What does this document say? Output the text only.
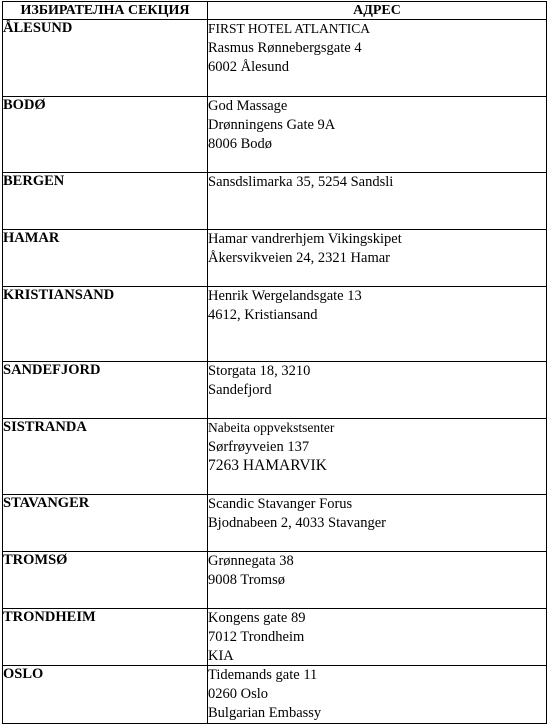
ИЗБИРАТЕЛНА СЕКЦИЯ	АДРЕС
ÅLESUND	FIRST HOTEL ATLANTICA
Rasmus Rønnebergsgate 4
6002 Ålesund

BODØ	God Massage
Drønningens Gate 9A
8006 Bodø

BERGEN	Sansdslimarka 35, 5254 Sandsli

HAMAR	Hamar vandrerhjem Vikingskipet
Åkersvikveien 24, 2321 Hamar

KRISTIANSAND	Henrik Wergelandsgate 13
4612, Kristiansand

SANDEFJORD	Storgata 18, 3210
Sandefjord

SISTRANDA	Nabeita oppvekstsenter
Sørfrøyveien 137
7263 HAMARVIK

STAVANGER	Scandic Stavanger Forus
Bjodnabeen 2, 4033 Stavanger

TROMSØ	Grønnegata 38
9008 Tromsø

TRONDHEIM	Kongens gate 89
7012 Trondheim
KIA

OSLO	Tidemands gate 11
0260 Oslo
Bulgarian Embassy
